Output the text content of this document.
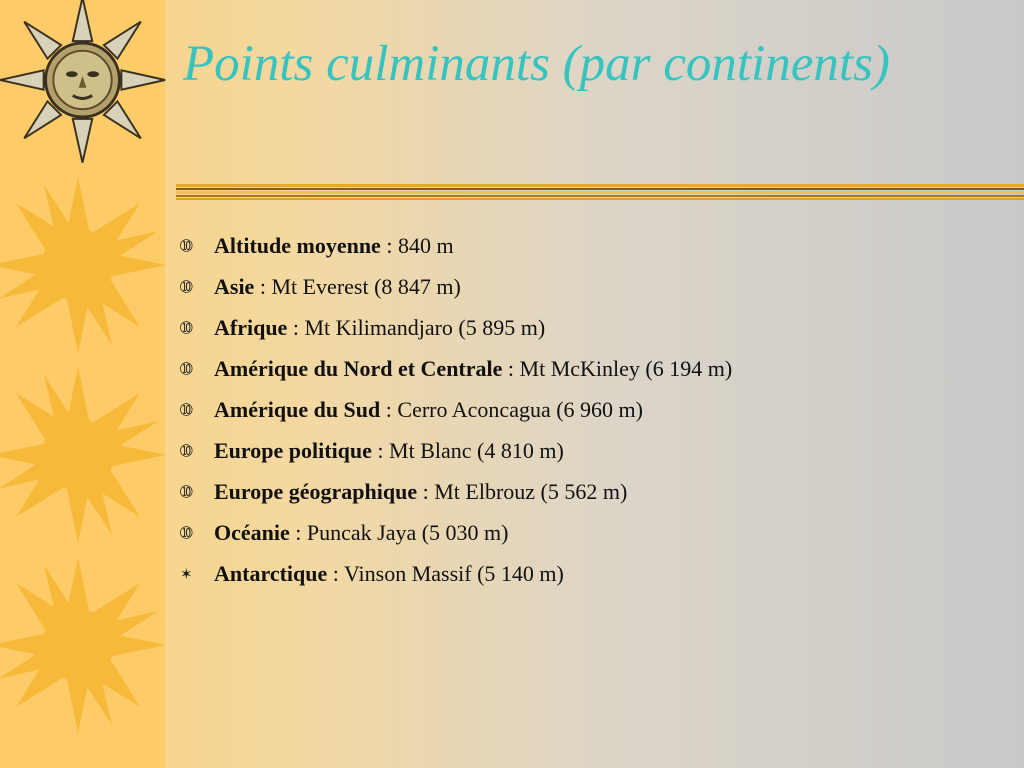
Points culminants (par continents)
➉ Altitude moyenne : 840 m
➉ Asie : Mt Everest (8 847 m)
➉ Afrique : Mt Kilimandjaro (5 895 m)
➉ Amérique du Nord et Centrale : Mt McKinley (6 194 m)
➉ Amérique du Sud : Cerro Aconcagua (6 960 m)
➉ Europe politique : Mt Blanc (4 810 m)
➉ Europe géographique : Mt Elbrouz (5 562 m)
➉ Océanie : Puncak Jaya (5 030 m)
✶ Antarctique : Vinson Massif (5 140 m)
